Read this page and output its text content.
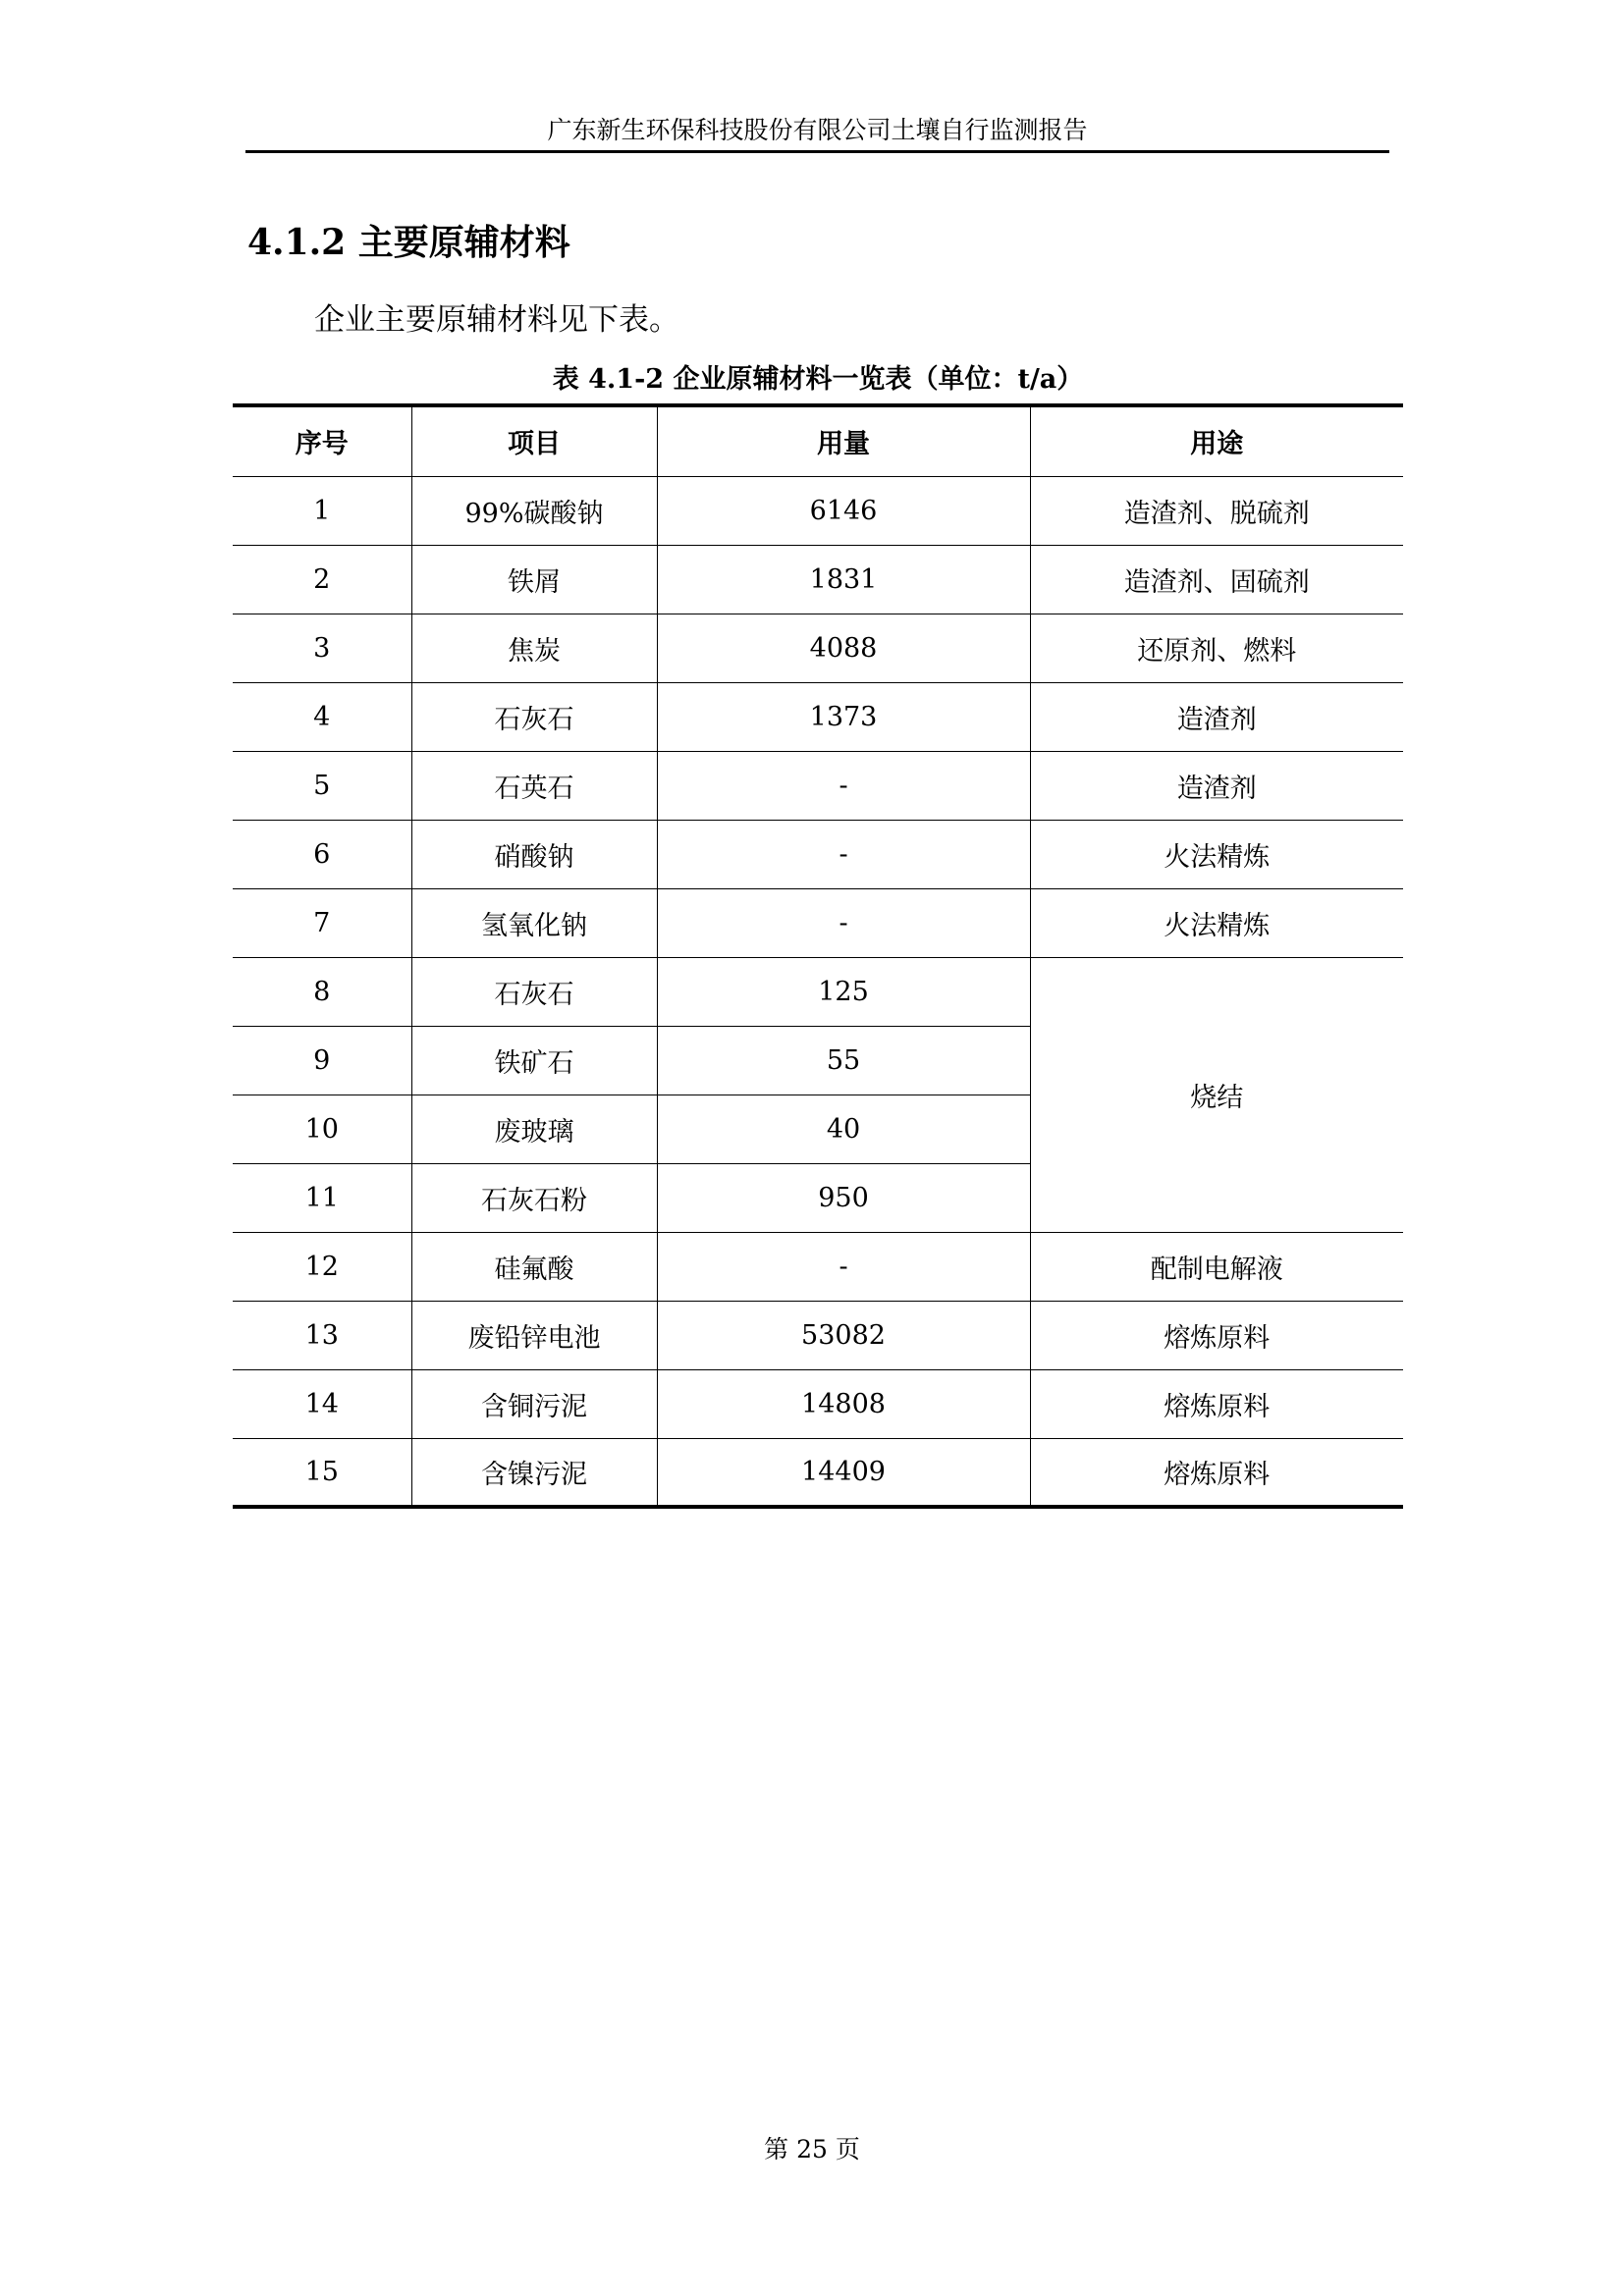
广东新生环保科技股份有限公司土壤自行监测报告
4.1.2 主要原辅材料
企业主要原辅材料见下表。
表 4.1-2 企业原辅材料一览表（单位：t/a）
序号	项目	用量	用途
1	99%碳酸钠	6146	造渣剂、脱硫剂
2	铁屑	1831	造渣剂、固硫剂
3	焦炭	4088	还原剂、燃料
4	石灰石	1373	造渣剂
5	石英石	-	造渣剂
6	硝酸钠	-	火法精炼
7	氢氧化钠	-	火法精炼
8	石灰石	125	烧结
9	铁矿石	55	
10	废玻璃	40	
11	石灰石粉	950	
12	硅氟酸	-	配制电解液
13	废铅锌电池	53082	熔炼原料
14	含铜污泥	14808	熔炼原料
15	含镍污泥	14409	熔炼原料
第 25 页
